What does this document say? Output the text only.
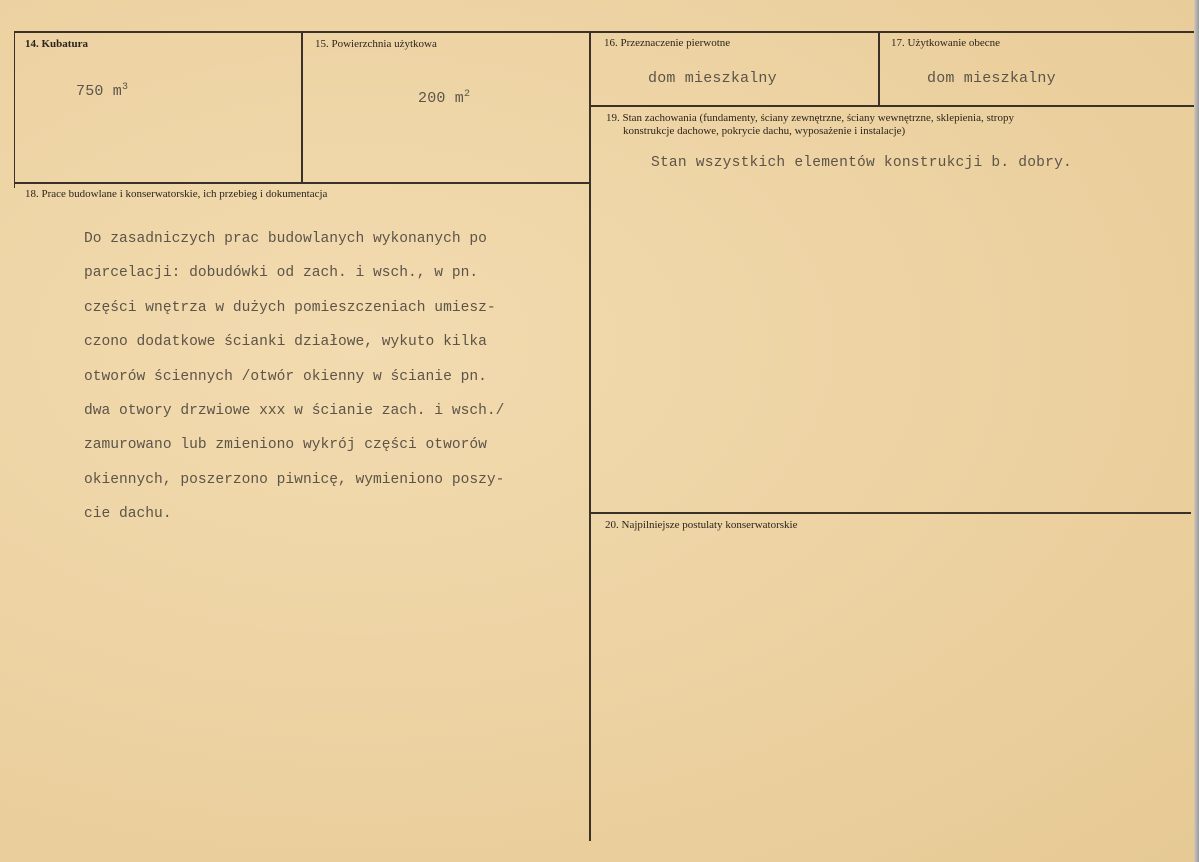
14. Kubatura
750 $m^3$
15. Powierzchnia użytkowa
200 $m^2$
16. Przeznaczenie pierwotne
dom mieszkalny
17. Użytkowanie obecne
dom mieszkalny
18. Prace budowlane i konserwatorskie, ich przebieg i dokumentacja
Do zasadniczych prac budowlanych wykonanych po
parcelacji: dobudówki od zach. i wsch., w pn.
części wnętrza w dużych pomieszczeniach umiesz-
czono dodatkowe ścianki działowe, wykuto kilka
otworów ściennych /otwór okienny w ścianie pn.
dwa otwory drzwiowe xxx w ścianie zach. i wsch./
zamurowano lub zmieniono wykrój części otworów
okiennych, poszerzono piwnicę, wymieniono poszy-
cie dachu.
19. Stan zachowania (fundamenty, ściany zewnętrzne, ściany wewnętrzne, sklepienia, stropy
konstrukcje dachowe, pokrycie dachu, wyposażenie i instalacje)
Stan wszystkich elementów konstrukcji b. dobry.
20. Najpilniejsze postulaty konserwatorskie
